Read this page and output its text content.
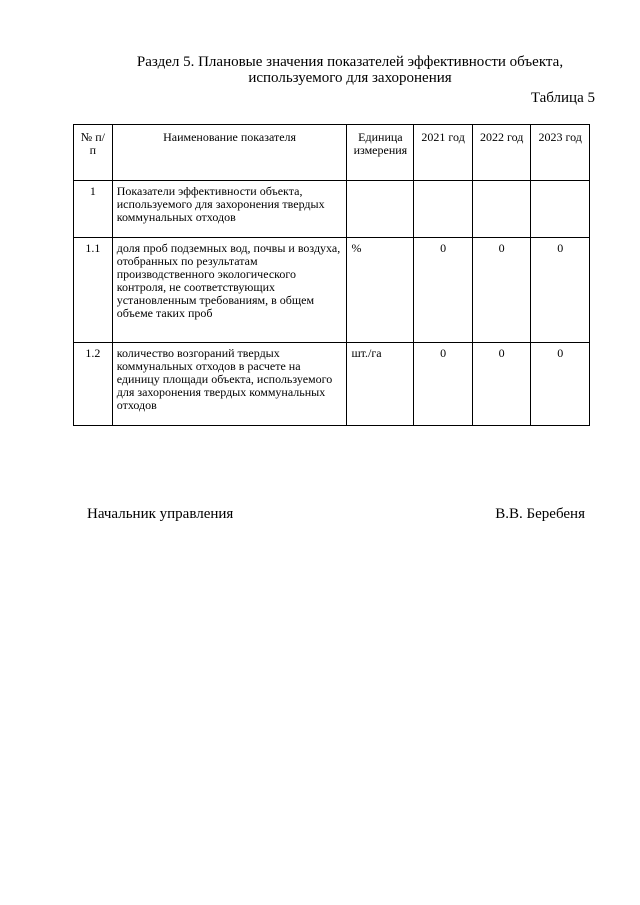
Раздел 5. Плановые значения показателей эффективности объекта,
используемого для захоронения
Таблица 5
№ п/п	Наименование показателя	Единица измерения	2021 год	2022 год	2023 год
1	Показатели эффективности объекта, используемого для захоронения твердых коммунальных отходов				
1.1	доля проб подземных вод, почвы и воздуха, отобранных по результатам производственного экологического контроля, не соответствующих установленным требованиям, в общем объеме таких проб	%	0	0	0
1.2	количество возгораний твердых коммунальных отходов в расчете на единицу площади объекта, используемого для захоронения твердых коммунальных отходов	шт./га	0	0	0
Начальник управления	В.В. Беребеня
